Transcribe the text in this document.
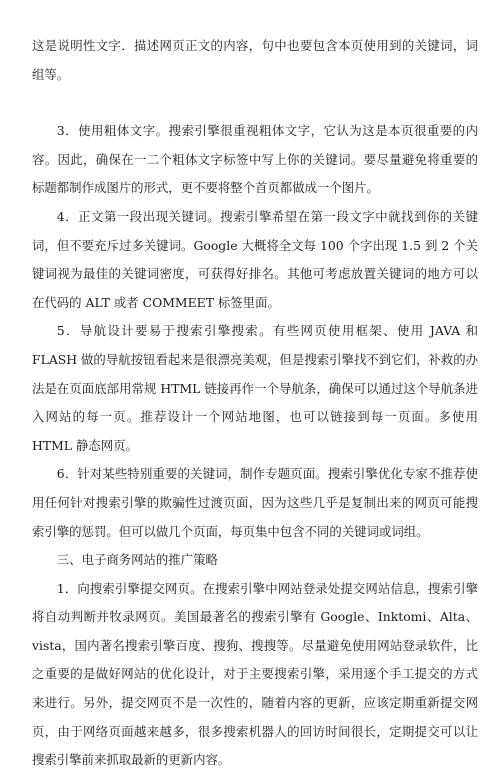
这是说明性文字．描述网页正文的内容，句中也要包含本页使用到的关键词，词组等。

3．使用粗体文字。搜索引擎很重视粗体文字，它认为这是本页很重要的内容。因此，确保在一二个粗体文字标签中写上你的关键词。要尽量避免将重要的标题都制作成图片的形式，更不要将整个首页都做成一个图片。

4．正文第一段出现关键词。搜索引擎希望在第一段文字中就找到你的关键词，但不要充斥过多关键词。Google 大概将全文每 100 个字出现 1.5 到 2 个关键词视为最佳的关键词密度，可获得好排名。其他可考虑放置关键词的地方可以在代码的 ALT 或者 COMMEET 标签里面。

5．导航设计要易于搜索引擎搜索。有些网页使用框架、使用 JAVA 和 FLASH 做的导航按钮看起来是很漂亮美观，但是搜索引擎找不到它们，补救的办法是在页面底部用常规 HTML 链接再作一个导航条，确保可以通过这个导航条进入网站的每一页。推荐设计一个网站地图，也可以链接到每一页面。多使用 HTML 静态网页。

6．针对某些特别重要的关键词，制作专题页面。搜索引擎优化专家不推荐使用任何针对搜索引擎的欺骗性过渡页面，因为这些几乎是复制出来的网页可能搜索引擎的惩罚。但可以做几个页面，每页集中包含不同的关键词或词组。

三、电子商务网站的推广策略

1．向搜索引擎提交网页。在搜索引擎中网站登录处提交网站信息，搜索引擎将自动判断并牧录网页。美国最著名的搜索引擎有 Google、Inktomi、Alta、vista，国内著名搜索引擎百度、搜狗、搜搜等。尽量避免使用网站登录软件，比之重要的是做好网站的优化设计，对于主要搜索引擎，采用逐个手工提交的方式来进行。另外，提交网页不是一次性的，随着内容的更新，应该定期重新提交网页，由于网络页面越来越多，很多搜索机器人的回访时间很长，定期提交可以让搜索引擎前来抓取最新的更新内容。
